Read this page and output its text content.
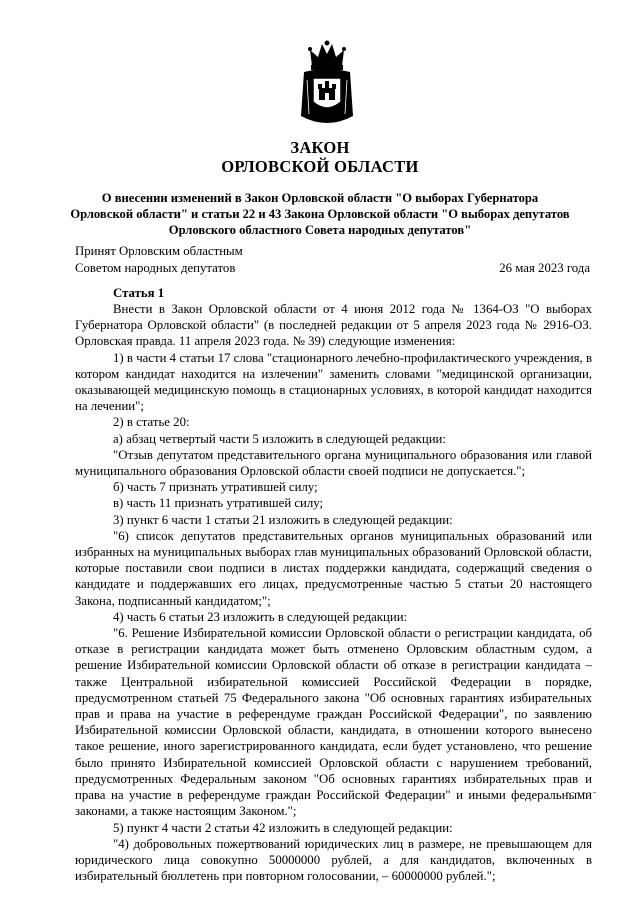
ЗАКОН
ОРЛОВСКОЙ ОБЛАСТИ
О внесении изменений в Закон Орловской области "О выборах Губернатора Орловской области" и статьи 22 и 43 Закона Орловской области "О выборах депутатов Орловского областного Совета народных депутатов"
Принят Орловским областным
Советом народных депутатов	26 мая 2023 года
Статья 1

Внести в Закон Орловской области от 4 июня 2012 года № 1364-ОЗ "О выборах Губернатора Орловской области" (в последней редакции от 5 апреля 2023 года № 2916-ОЗ. Орловская правда. 11 апреля 2023 года. № 39) следующие изменения:

1) в части 4 статьи 17 слова "стационарного лечебно-профилактического учреждения, в котором кандидат находится на излечении" заменить словами "медицинской организации, оказывающей медицинскую помощь в стационарных условиях, в которой кандидат находится на лечении";

2) в статье 20:

а) абзац четвертый части 5 изложить в следующей редакции:

"Отзыв депутатом представительного органа муниципального образования или главой муниципального образования Орловской области своей подписи не допускается.";

б) часть 7 признать утратившей силу;

в) часть 11 признать утратившей силу;

3) пункт 6 части 1 статьи 21 изложить в следующей редакции:

"6) список депутатов представительных органов муниципальных образований или избранных на муниципальных выборах глав муниципальных образований Орловской области, которые поставили свои подписи в листах поддержки кандидата, содержащий сведения о кандидате и поддержавших его лицах, предусмотренные частью 5 статьи 20 настоящего Закона, подписанный кандидатом;";

4) часть 6 статьи 23 изложить в следующей редакции:

"6. Решение Избирательной комиссии Орловской области о регистрации кандидата, об отказе в регистрации кандидата может быть отменено Орловским областным судом, а решение Избирательной комиссии Орловской области об отказе в регистрации кандидата – также Центральной избирательной комиссией Российской Федерации в порядке, предусмотренном статьей 75 Федерального закона "Об основных гарантиях избирательных прав и права на участие в референдуме граждан Российской Федерации", по заявлению Избирательной комиссии Орловской области, кандидата, в отношении которого вынесено такое решение, иного зарегистрированного кандидата, если будет установлено, что решение было принято Избирательной комиссией Орловской области с нарушением требований, предусмотренных Федеральным законом "Об основных гарантиях избирательных прав и права на участие в референдуме граждан Российской Федерации" и иными федеральными законами, а также настоящим Законом.";

5) пункт 4 части 2 статьи 42 изложить в следующей редакции:

"4) добровольных пожертвований юридических лиц в размере, не превышающем для юридического лица совокупно 50000000 рублей, а для кандидатов, включенных в избирательный бюллетень при повторном голосовании, – 60000000 рублей.";
